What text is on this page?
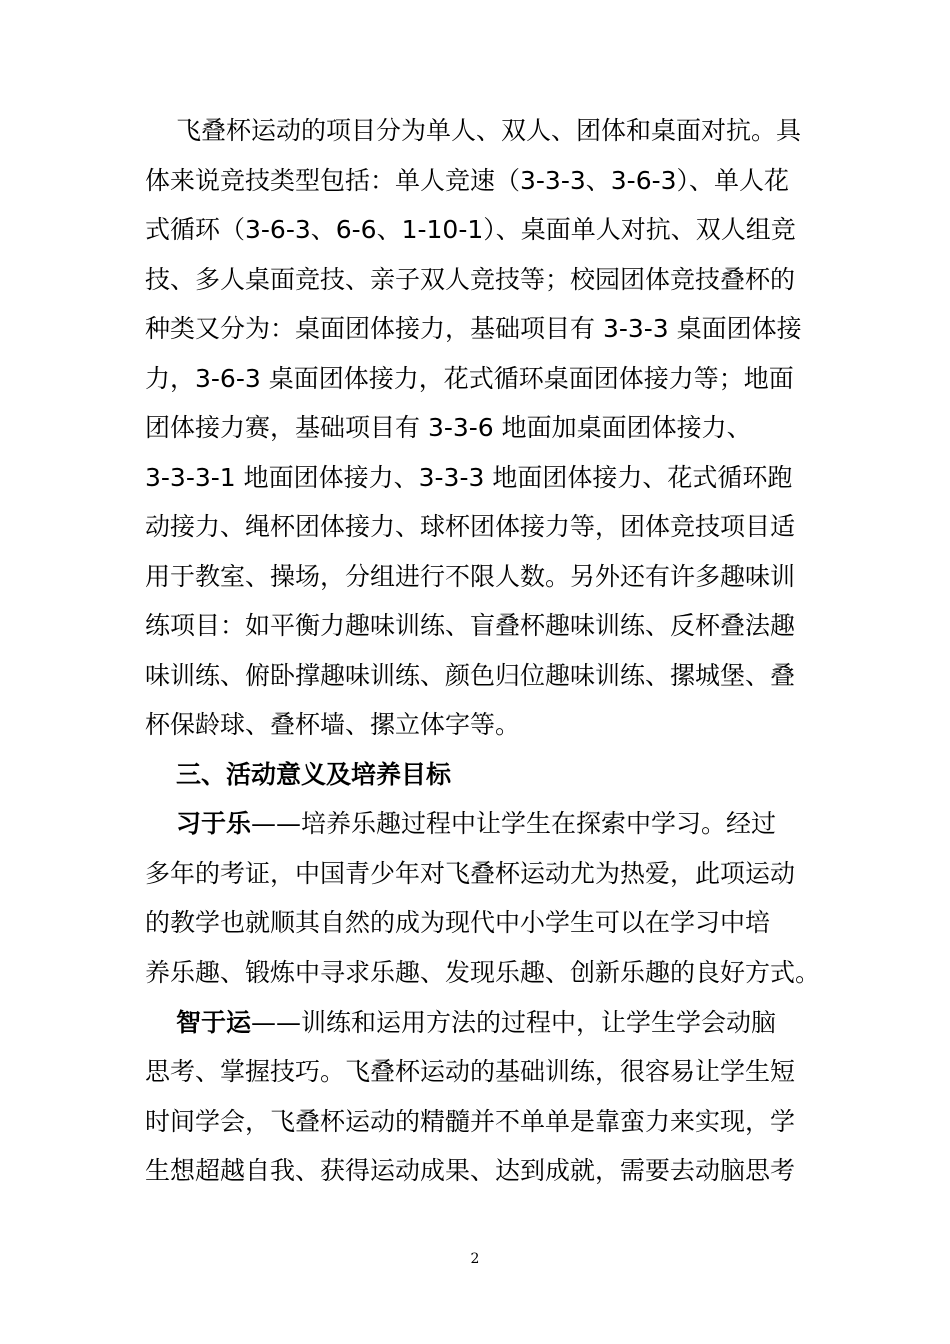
飞叠杯运动的项目分为单人、双人、团体和桌面对抗。具

体来说竞技类型包括：单人竞速（3-3-3、3-6-3）、单人花

式循环（3-6-3、6-6、1-10-1）、桌面单人对抗、双人组竞

技、多人桌面竞技、亲子双人竞技等；校园团体竞技叠杯的

种类又分为：桌面团体接力，基础项目有 3-3-3 桌面团体接

力，3-6-3 桌面团体接力，花式循环桌面团体接力等；地面

团体接力赛，基础项目有 3-3-6 地面加桌面团体接力、

3-3-3-1 地面团体接力、3-3-3 地面团体接力、花式循环跑

动接力、绳杯团体接力、球杯团体接力等，团体竞技项目适

用于教室、操场，分组进行不限人数。另外还有许多趣味训

练项目：如平衡力趣味训练、盲叠杯趣味训练、反杯叠法趣

味训练、俯卧撑趣味训练、颜色归位趣味训练、摞城堡、叠

杯保龄球、叠杯墙、摞立体字等。

三、活动意义及培养目标

习于乐——培养乐趣过程中让学生在探索中学习。经过

多年的考证，中国青少年对飞叠杯运动尤为热爱，此项运动

的教学也就顺其自然的成为现代中小学生可以在学习中培

养乐趣、锻炼中寻求乐趣、发现乐趣、创新乐趣的良好方式。

智于运——训练和运用方法的过程中，让学生学会动脑

思考、掌握技巧。飞叠杯运动的基础训练，很容易让学生短

时间学会，飞叠杯运动的精髓并不单单是靠蛮力来实现，学

生想超越自我、获得运动成果、达到成就，需要去动脑思考

2
